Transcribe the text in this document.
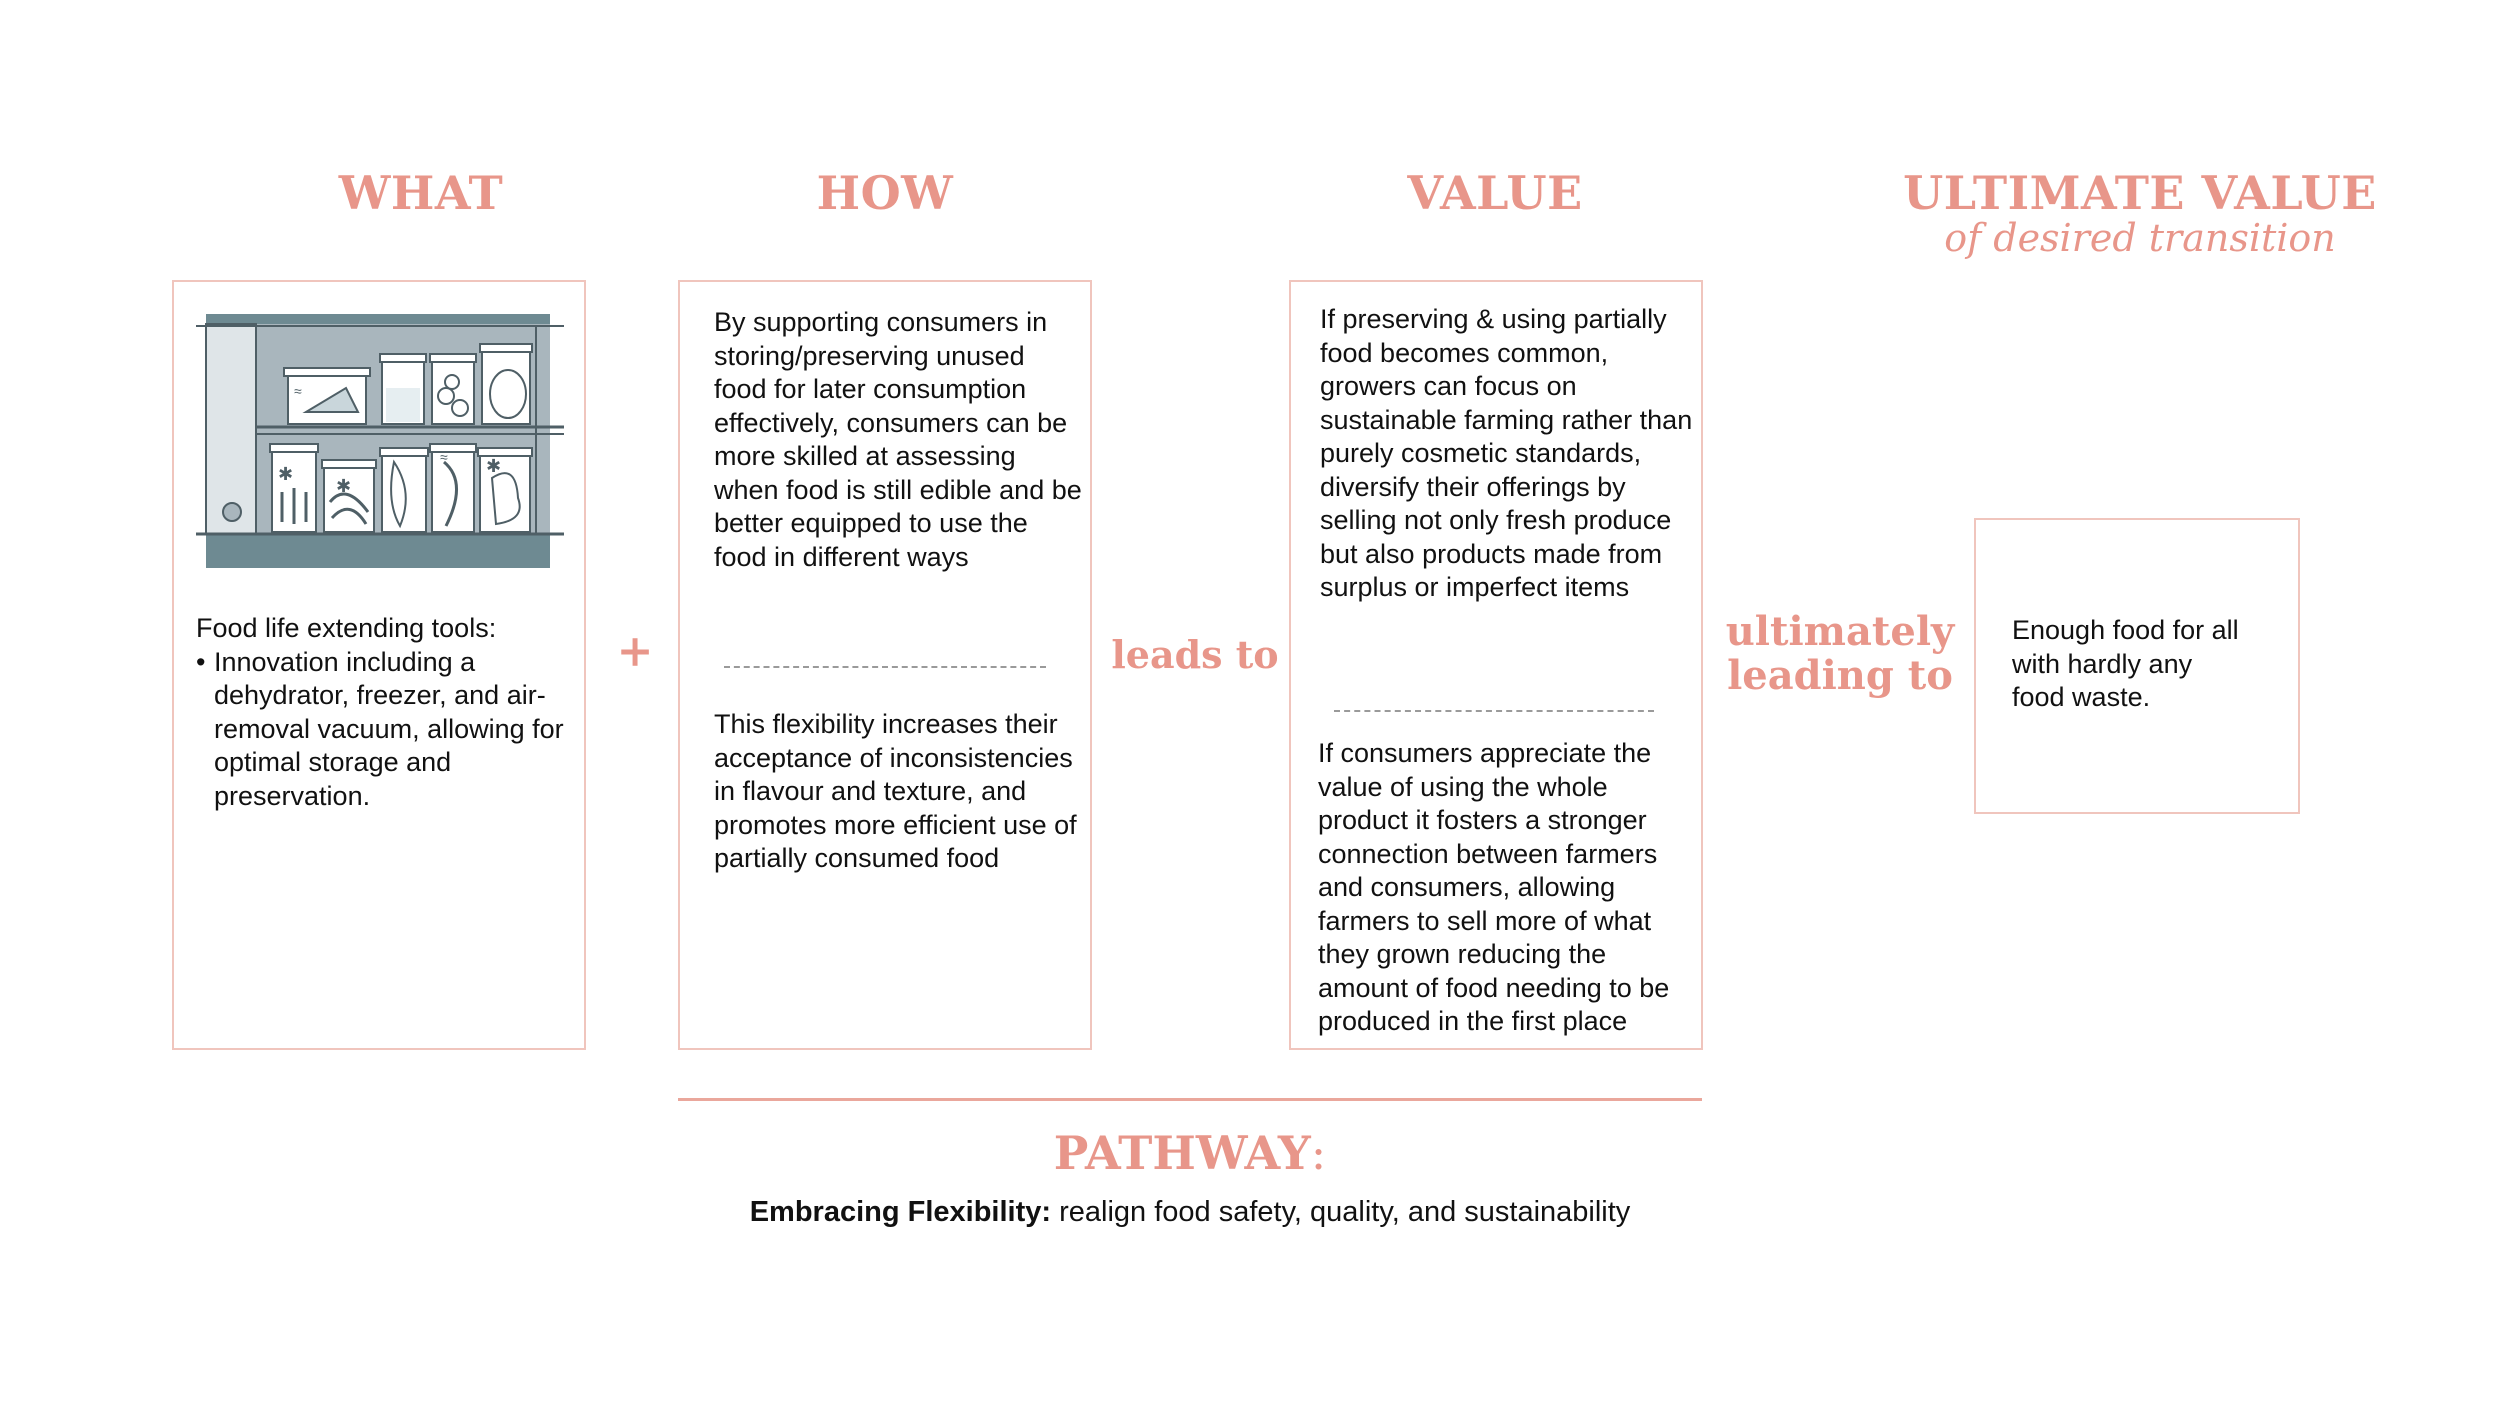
WHAT	HOW	VALUE	ULTIMATE VALUE
of desired transition
≈
✱
✱
≈ ✱
Food life extending tools:
• Innovation including a dehydrator, freezer, and air-removal vacuum, allowing for optimal storage and preservation.
+
By supporting consumers in storing/preserving unused food for later consumption effectively, consumers can be more skilled at assessing when food is still edible and be better equipped to use the food in different ways
This flexibility increases their acceptance of inconsistencies in flavour and texture, and promotes more efficient use of partially consumed food
leads to
If preserving & using partially food becomes common, growers can focus on sustainable farming rather than purely cosmetic standards, diversify their offerings by selling not only fresh produce but also products made from surplus or imperfect items
If consumers appreciate the value of using the whole product it fosters a stronger connection between farmers and consumers, allowing farmers to sell more of what they grown reducing the amount of food needing to be produced in the first place
ultimately
leading to
Enough food for all with hardly any food waste.
PATHWAY:
Embracing Flexibility: realign food safety, quality, and sustainability
